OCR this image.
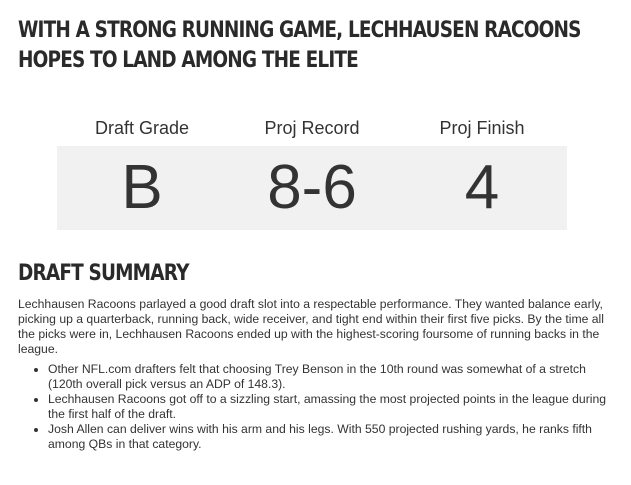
WITH A STRONG RUNNING GAME, LECHHAUSEN RACOONS HOPES TO LAND AMONG THE ELITE
Draft Grade	Proj Record	Proj Finish
B	8-6	4
DRAFT SUMMARY

Lechhausen Racoons parlayed a good draft slot into a respectable performance. They wanted balance early, picking up a quarterback, running back, wide receiver, and tight end within their first five picks. By the time all the picks were in, Lechhausen Racoons ended up with the highest-scoring foursome of running backs in the league.

• Other NFL.com drafters felt that choosing Trey Benson in the 10th round was somewhat of a stretch (120th overall pick versus an ADP of 148.3).
• Lechhausen Racoons got off to a sizzling start, amassing the most projected points in the league during the first half of the draft.
• Josh Allen can deliver wins with his arm and his legs. With 550 projected rushing yards, he ranks fifth among QBs in that category.
